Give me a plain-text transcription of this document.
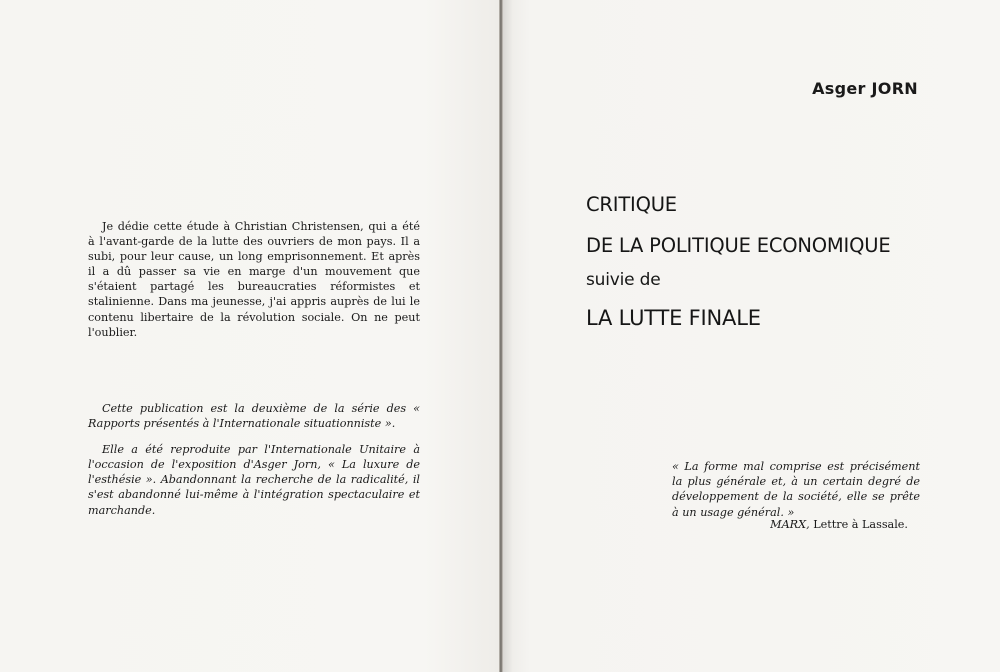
Je dédie cette étude à Christian Christensen, qui a été à l'avant-garde de la lutte des ouvriers de mon pays. Il a subi, pour leur cause, un long emprisonnement. Et après il a dû passer sa vie en marge d'un mouvement que s'étaient partagé les bureaucraties réformistes et stalinienne. Dans ma jeunesse, j'ai appris auprès de lui le contenu libertaire de la révolution sociale. On ne peut l'oublier.

Cette publication est la deuxième de la série des « Rapports présentés à l'Internationale situationniste ».

Elle a été reproduite par l'Internationale Unitaire à l'occasion de l'exposition d'Asger Jorn, « La luxure de l'esthésie ». Abandonnant la recherche de la radicalité, il s'est abandonné lui-même à l'intégration spectaculaire et marchande.

Asger JORN
CRITIQUE
DE LA POLITIQUE ECONOMIQUE
suivie de
LA LUTTE FINALE
« La forme mal comprise est précisément la plus générale et, à un certain degré de développement de la société, elle se prête à un usage général. »
MARX, Lettre à Lassale.
